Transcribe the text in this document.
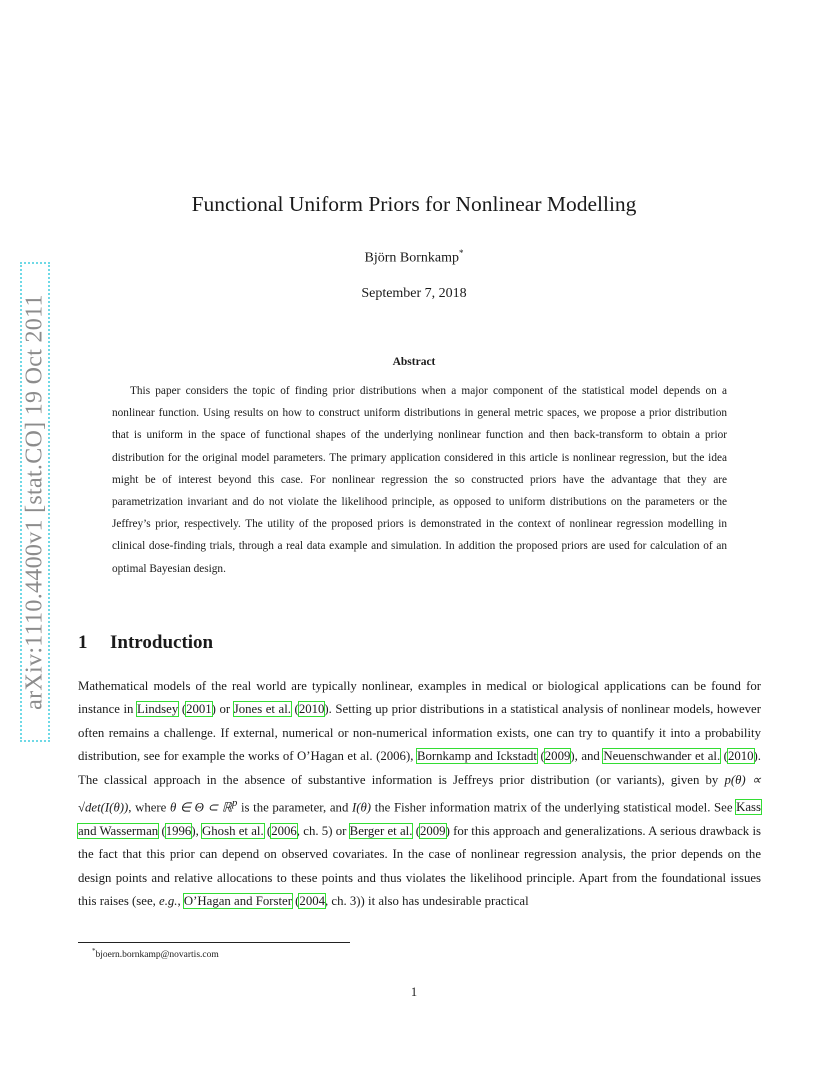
arXiv:1110.4400v1 [stat.CO] 19 Oct 2011
Functional Uniform Priors for Nonlinear Modelling
Björn Bornkamp*
September 7, 2018
Abstract
This paper considers the topic of finding prior distributions when a major component of the statistical model depends on a nonlinear function. Using results on how to construct uniform distributions in general metric spaces, we propose a prior distribution that is uniform in the space of functional shapes of the underlying nonlinear function and then back-transform to obtain a prior distribution for the original model parameters. The primary application considered in this article is nonlinear regression, but the idea might be of interest beyond this case. For nonlinear regression the so constructed priors have the advantage that they are parametrization invariant and do not violate the likelihood principle, as opposed to uniform distributions on the parameters or the Jeffrey’s prior, respectively. The utility of the proposed priors is demonstrated in the context of nonlinear regression modelling in clinical dose-finding trials, through a real data example and simulation. In addition the proposed priors are used for calculation of an optimal Bayesian design.
1 Introduction
Mathematical models of the real world are typically nonlinear, examples in medical or biological applications can be found for instance in Lindsey (2001) or Jones et al. (2010). Setting up prior distributions in a statistical analysis of nonlinear models, however often remains a challenge. If external, numerical or non-numerical information exists, one can try to quantify it into a probability distribution, see for example the works of O’Hagan et al. (2006), Bornkamp and Ickstadt (2009), and Neuenschwander et al. (2010). The classical approach in the absence of substantive information is Jeffreys prior distribution (or variants), given by p(θ) ∝ √det(I(θ)), where θ ∈ Θ ⊂ ℝ$^p$ is the parameter, and I(θ) the Fisher information matrix of the underlying statistical model. See Kass and Wasserman (1996), Ghosh et al. (2006, ch. 5) or Berger et al. (2009) for this approach and generalizations. A serious drawback is the fact that this prior can depend on observed covariates. In the case of nonlinear regression analysis, the prior depends on the design points and relative allocations to these points and thus violates the likelihood principle. Apart from the foundational issues this raises (see, e.g., O’Hagan and Forster (2004, ch. 3)) it also has undesirable practical
*bjoern.bornkamp@novartis.com
1
